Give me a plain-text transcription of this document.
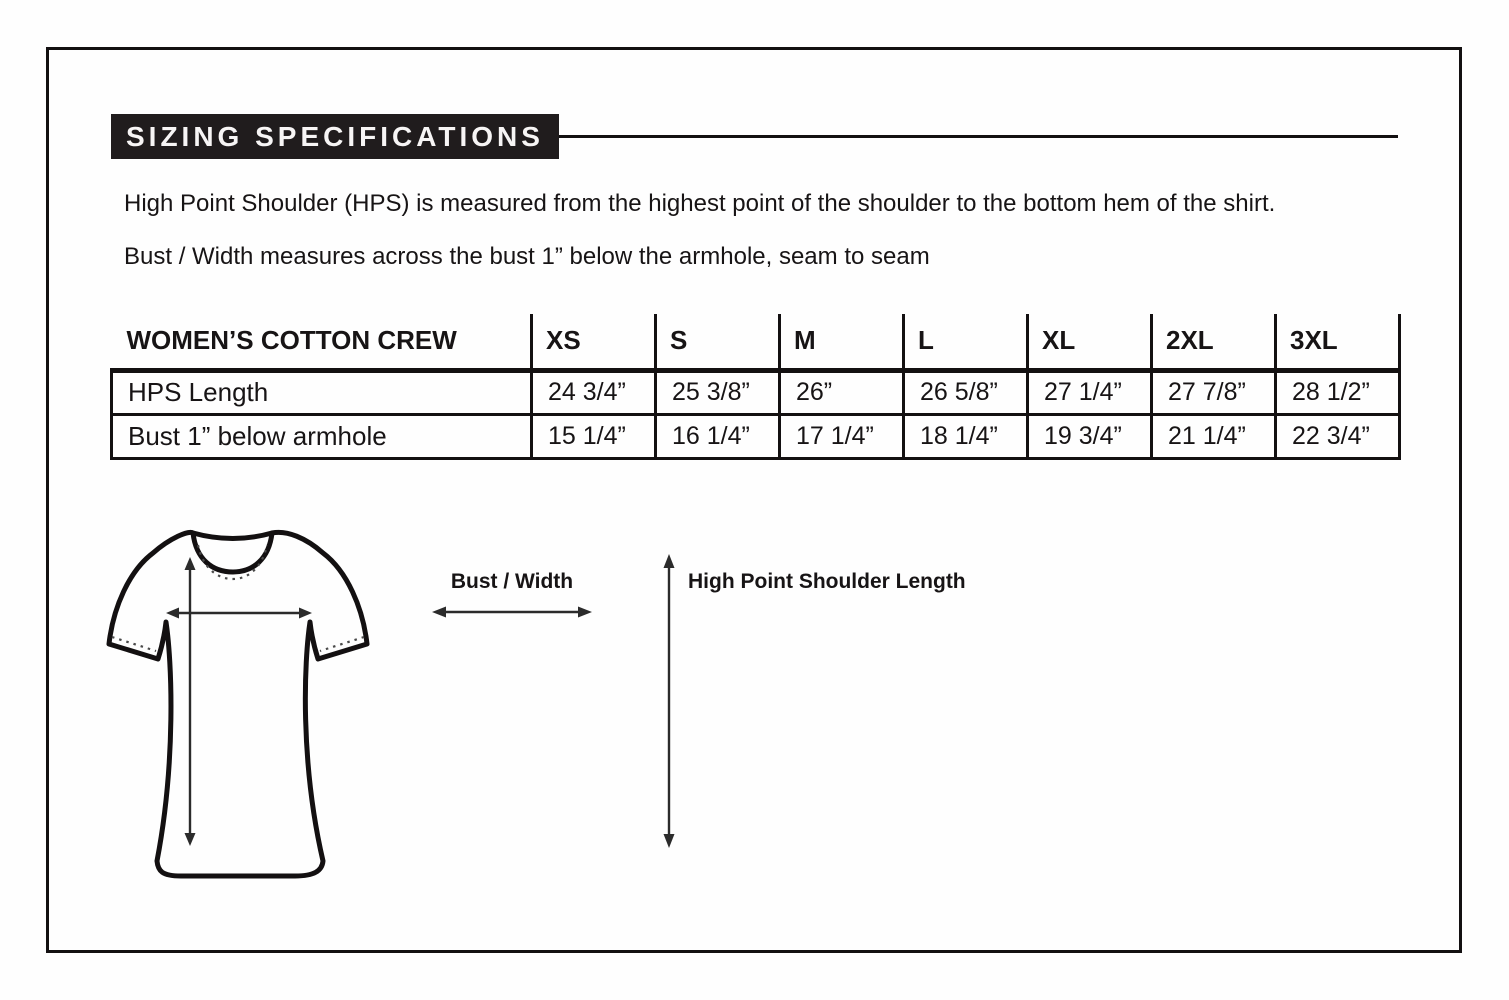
SIZING SPECIFICATIONS
High Point Shoulder (HPS) is measured from the highest point of the shoulder to the bottom hem of the shirt.
Bust / Width measures across the bust 1” below the armhole, seam to seam
WOMEN’S COTTON CREW	XS	S	M	L	XL	2XL	3XL
HPS Length	24 3/4”	25 3/8”	26”	26 5/8”	27 1/4”	27 7/8”	28 1/2”
Bust 1” below armhole	15 1/4”	16 1/4”	17 1/4”	18 1/4”	19 3/4”	21 1/4”	22 3/4”
Bust / Width	High Point Shoulder Length
